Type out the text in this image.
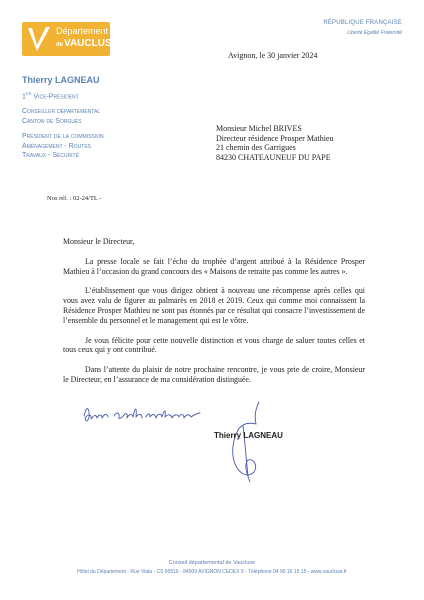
Département
deVAUCLUSE
RÉPUBLIQUE FRANÇAISE
Liberté Égalité Fraternité
Thierry LAGNEAU
1er Vice-Président
Conseiller départemental
Canton de Sorgues
Président de la commission
Aménagement - Routes
Travaux - Sécurité
Avignon, le 30 janvier 2024
Monsieur Michel BRIVES
Directeur résidence Prosper Mathieu
21 chemin des Garrigues
84230 CHATEAUNEUF DU PAPE
Nos réf. : 02-24/TL -

Monsieur le Directeur,

La presse locale se fait l’écho du trophée d’argent attribué à la Résidence Prosper Mathieu à l’occasion du grand concours des « Maisons de retraite pas comme les autres ».

L’établissement que vous dirigez obtient à nouveau une récompense après celles qui vous avez valu de figurer au palmarès en 2018 et 2019. Ceux qui comme moi connaissent la Résidence Prosper Mathieu ne sont pas étonnés par ce résultat qui consacre l’investissement de l’ensemble du personnel et le management qui est le vôtre.

Je vous félicite pour cette nouvelle distinction et vous charge de saluer toutes celles et tous ceux qui y ont contribué.

Dans l’attente du plaisir de notre prochaine rencontre, je vous prie de croire, Monsieur le Directeur, en l’assurance de ma considération distinguée.

Thierry LAGNEAU
Conseil départemental de Vaucluse
Hôtel du Département - Rue Viala - CS 60516 - 84909 AVIGNON CEDEX 9 - Téléphone 04 90 16 15 15 - www.vaucluse.fr
